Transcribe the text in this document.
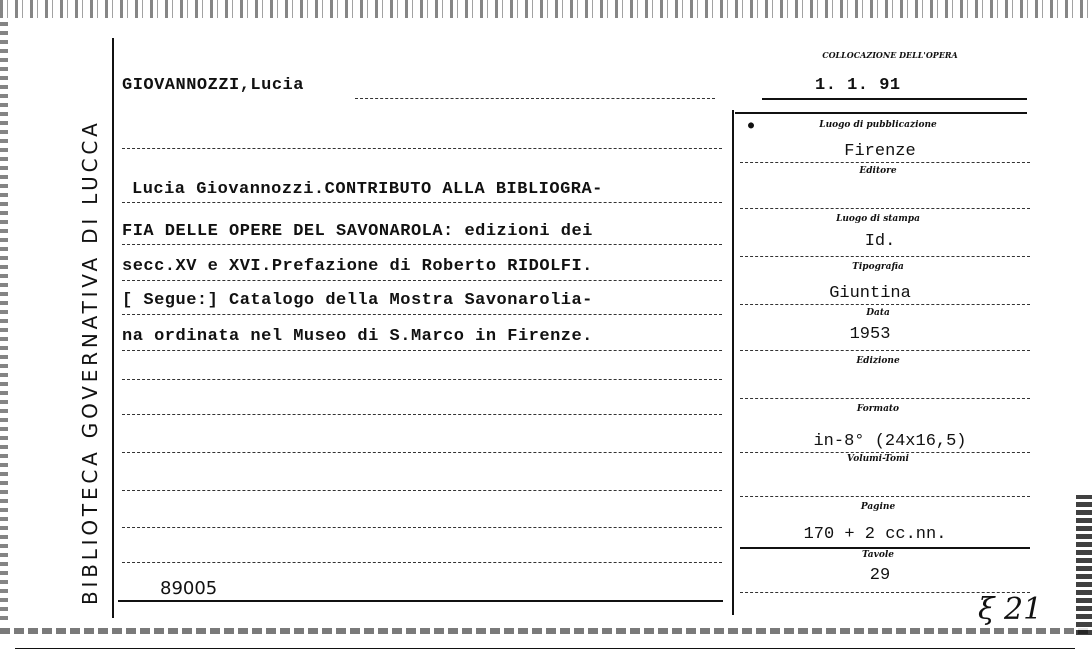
BIBLIOTECA GOVERNATIVA DI LUCCA
GIOVANNOZZI,Lucia
COLLOCAZIONE DELL'OPERA
1. 1. 91
Lucia Giovannozzi.CONTRIBUTO ALLA BIBLIOGRA-
FIA DELLE OPERE DEL SAVONAROLA: edizioni dei
secc.XV e XVI.Prefazione di Roberto RIDOLFI.
[ Segue:] Catalogo della Mostra Savonarolia-
na ordinata nel Museo di S.Marco in Firenze.
89005
●	Luogo di pubblicazione
Firenze
Editore
Luogo di stampa
Id.
Tipografia
Giuntina
Data
1953
Edizione
Formato
in-8° (24x16,5)
Volumi-Tomi
Pagine
170 + 2 cc.nn.
Tavole
29
ξ 21
